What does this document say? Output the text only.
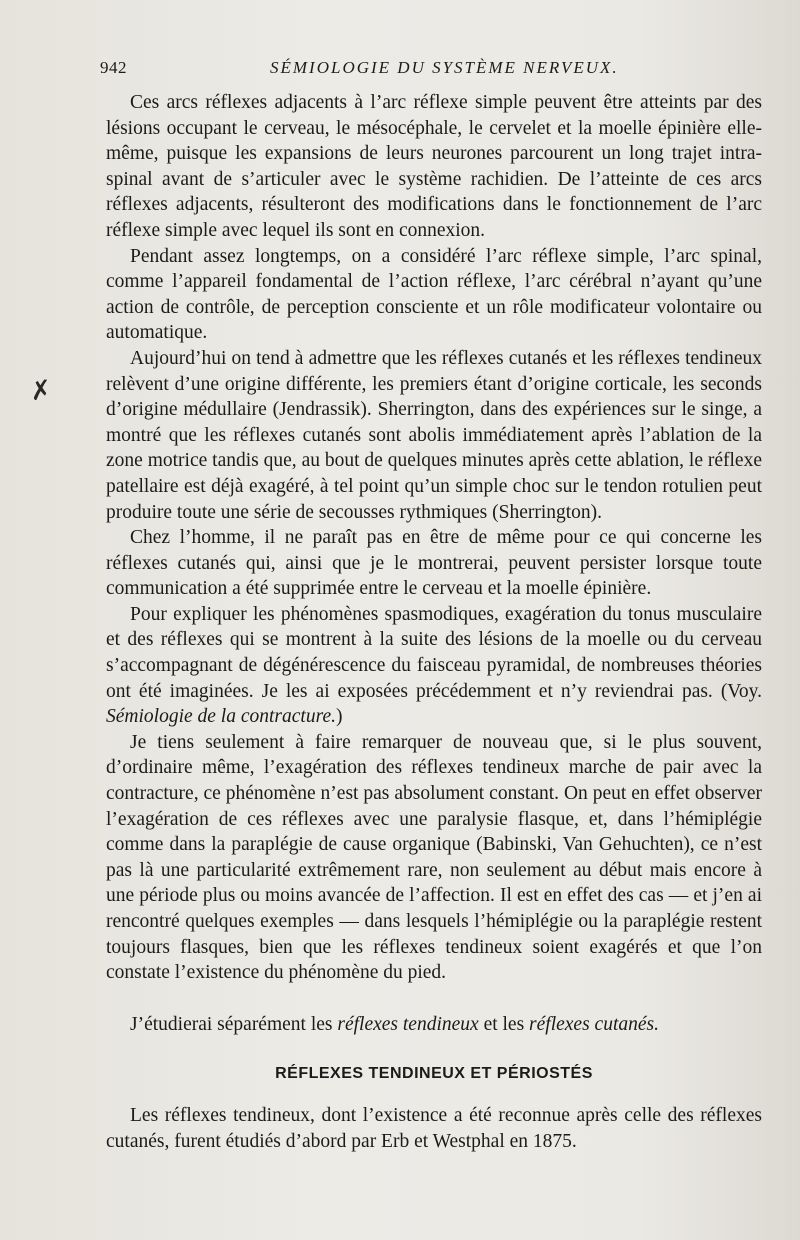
942	SÉMIOLOGIE DU SYSTÈME NERVEUX.
✗

Ces arcs réflexes adjacents à l’arc réflexe simple peuvent être atteints par des lésions occupant le cerveau, le mésocéphale, le cervelet et la moelle épinière elle-même, puisque les expansions de leurs neurones parcourent un long trajet intra-spinal avant de s’articuler avec le système rachidien. De l’atteinte de ces arcs réflexes adjacents, résulteront des modifications dans le fonctionnement de l’arc réflexe simple avec lequel ils sont en connexion.

Pendant assez longtemps, on a considéré l’arc réflexe simple, l’arc spinal, comme l’appareil fondamental de l’action réflexe, l’arc cérébral n’ayant qu’une action de contrôle, de perception consciente et un rôle modificateur volontaire ou automatique.

Aujourd’hui on tend à admettre que les réflexes cutanés et les réflexes tendineux relèvent d’une origine différente, les premiers étant d’origine corticale, les seconds d’origine médullaire (Jendrassik). Sherrington, dans des expériences sur le singe, a montré que les réflexes cutanés sont abolis immédiatement après l’ablation de la zone motrice tandis que, au bout de quelques minutes après cette ablation, le réflexe patellaire est déjà exagéré, à tel point qu’un simple choc sur le tendon rotulien peut produire toute une série de secousses rythmiques (Sherrington).

Chez l’homme, il ne paraît pas en être de même pour ce qui concerne les réflexes cutanés qui, ainsi que je le montrerai, peuvent persister lorsque toute communication a été supprimée entre le cerveau et la moelle épinière.

Pour expliquer les phénomènes spasmodiques, exagération du tonus musculaire et des réflexes qui se montrent à la suite des lésions de la moelle ou du cerveau s’accompagnant de dégénérescence du faisceau pyramidal, de nombreuses théories ont été imaginées. Je les ai exposées précédemment et n’y reviendrai pas. (Voy. Sémiologie de la contracture.)

Je tiens seulement à faire remarquer de nouveau que, si le plus souvent, d’ordinaire même, l’exagération des réflexes tendineux marche de pair avec la contracture, ce phénomène n’est pas absolument constant. On peut en effet observer l’exagération de ces réflexes avec une paralysie flasque, et, dans l’hémiplégie comme dans la paraplégie de cause organique (Babinski, Van Gehuchten), ce n’est pas là une particularité extrêmement rare, non seulement au début mais encore à une période plus ou moins avancée de l’affection. Il est en effet des cas — et j’en ai rencontré quelques exemples — dans lesquels l’hémiplégie ou la paraplégie restent toujours flasques, bien que les réflexes tendineux soient exagérés et que l’on constate l’existence du phénomène du pied.

J’étudierai séparément les réflexes tendineux et les réflexes cutanés.

RÉFLEXES TENDINEUX ET PÉRIOSTÉS

Les réflexes tendineux, dont l’existence a été reconnue après celle des réflexes cutanés, furent étudiés d’abord par Erb et Westphal en 1875.
